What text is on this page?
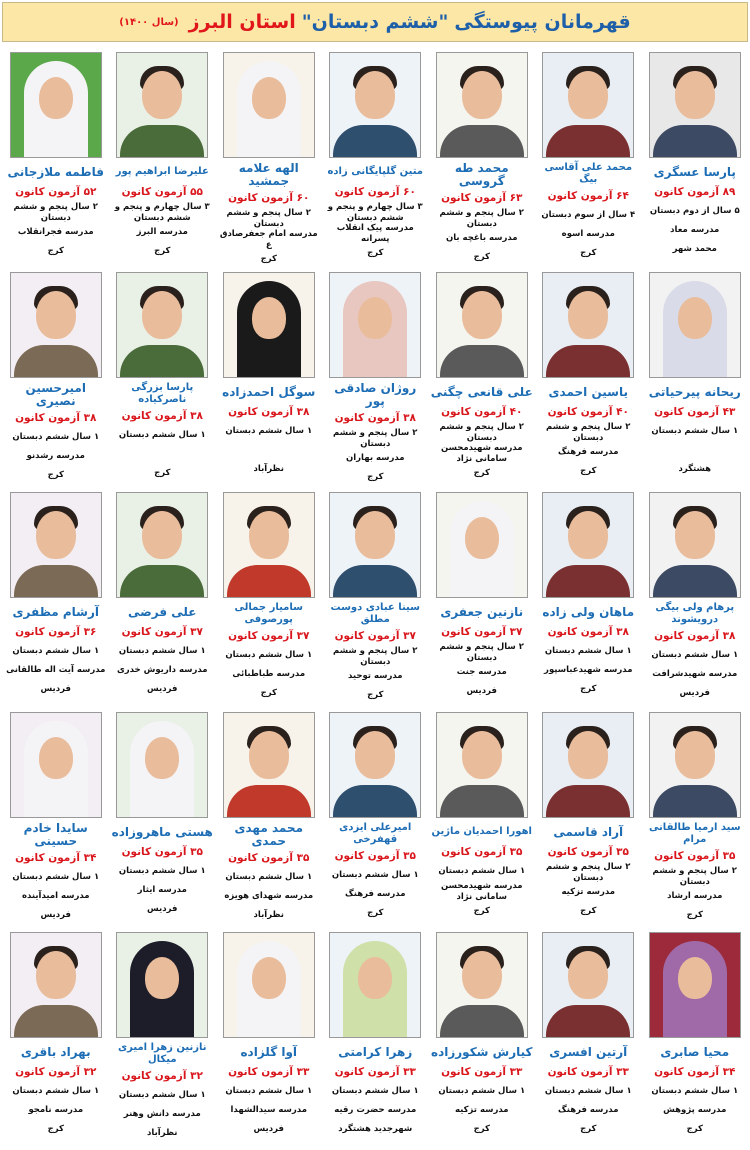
قهرمانان پیوستگی
"ششم دبستان"
استان البرز
(سال ۱۴۰۰)
پارسا عسگری
۸۹ آزمون کانون
۵ سال از دوم دبستان
مدرسه معاد
محمد شهر
محمد علی آقاسی بیگ
۶۴ آزمون کانون
۴ سال از سوم دبستان
مدرسه اسوه
کرج
محمد طه گروسی
۶۳ آزمون کانون
۲ سال پنجم و ششم دبستان
مدرسه باغچه بان
کرج
متین گلپایگانی زاده
۶۰ آزمون کانون
۳ سال چهارم و پنجم و ششم دبستان
مدرسه پیک انقلاب پسرانه
کرج
الهه علامه جمشید
۶۰ آزمون کانون
۲ سال پنجم و ششم دبستان
مدرسه امام جعفرصادق ع
کرج
علیرضا ابراهیم پور
۵۵ آزمون کانون
۳ سال چهارم و پنجم و ششم دبستان
مدرسه البرز
کرج
فاطمه ملازجانی
۵۲ آزمون کانون
۲ سال پنجم و ششم دبستان
مدرسه فجرانقلاب
کرج
ریحانه پیرحیاتی
۴۳ آزمون کانون
۱ سال ششم دبستان
هشتگرد
یاسین احمدی
۴۰ آزمون کانون
۲ سال پنجم و ششم دبستان
مدرسه فرهنگ
کرج
علی قانعی چگنی
۴۰ آزمون کانون
۲ سال پنجم و ششم دبستان
مدرسه شهیدمحسن سامانی نژاد
کرج
روژان صادقی پور
۳۸ آزمون کانون
۲ سال پنجم و ششم دبستان
مدرسه بهاران
کرج
سوگل احمدزاده
۳۸ آزمون کانون
۱ سال ششم دبستان
نظرآباد
پارسا بزرگی ناصرکیاده
۳۸ آزمون کانون
۱ سال ششم دبستان
کرج
امیرحسین نصیری
۳۸ آزمون کانون
۱ سال ششم دبستان
مدرسه رشدنو
کرج
پرهام ولی بیگی درویشوند
۳۸ آزمون کانون
۱ سال ششم دبستان
مدرسه شهیدشرافت
فردیس
ماهان ولی زاده
۳۸ آزمون کانون
۱ سال ششم دبستان
مدرسه شهیدعباسپور
کرج
نازنین جعفری
۳۷ آزمون کانون
۲ سال پنجم و ششم دبستان
مدرسه جنت
فردیس
سینا عبادی دوست مطلق
۳۷ آزمون کانون
۲ سال پنجم و ششم دبستان
مدرسه توحید
کرج
سامیار جمالی پورصوفی
۳۷ آزمون کانون
۱ سال ششم دبستان
مدرسه طباطبائی
کرج
علی فرضی
۳۷ آزمون کانون
۱ سال ششم دبستان
مدرسه داریوش خدری
فردیس
آرشام مظفری
۳۶ آزمون کانون
۱ سال ششم دبستان
مدرسه آیت اله طالقانی
فردیس
سید ارمیا طالقانی مرام
۳۵ آزمون کانون
۲ سال پنجم و ششم دبستان
مدرسه ارشاد
کرج
آراد قاسمی
۳۵ آزمون کانون
۲ سال پنجم و ششم دبستان
مدرسه تزکیه
کرج
اهورا احمدیان ماژین
۳۵ آزمون کانون
۱ سال ششم دبستان
مدرسه شهیدمحسن سامانی نژاد
کرج
امیرعلی ایزدی قهفرخی
۳۵ آزمون کانون
۱ سال ششم دبستان
مدرسه فرهنگ
کرج
محمد مهدی حمدی
۳۵ آزمون کانون
۱ سال ششم دبستان
مدرسه شهدای هویزه
نظرآباد
هستی ماهروزاده
۳۵ آزمون کانون
۱ سال ششم دبستان
مدرسه ایثار
فردیس
سایدا خادم حسینی
۳۴ آزمون کانون
۱ سال ششم دبستان
مدرسه امیدآینده
فردیس
محیا صابری
۳۴ آزمون کانون
۱ سال ششم دبستان
مدرسه پژوهش
کرج
آرتین افسری
۳۳ آزمون کانون
۱ سال ششم دبستان
مدرسه فرهنگ
کرج
کیارش شکورزاده
۳۳ آزمون کانون
۱ سال ششم دبستان
مدرسه تزکیه
کرج
زهرا کرامتی
۳۳ آزمون کانون
۱ سال ششم دبستان
مدرسه حضرت رقیه
شهرجدید هشتگرد
آوا گلزاده
۳۳ آزمون کانون
۱ سال ششم دبستان
مدرسه سیدالشهدا
فردیس
نازنین زهرا امیری میکال
۳۲ آزمون کانون
۱ سال ششم دبستان
مدرسه دانش وهنر
نظرآباد
بهراد باقری
۳۲ آزمون کانون
۱ سال ششم دبستان
مدرسه نامجو
کرج
